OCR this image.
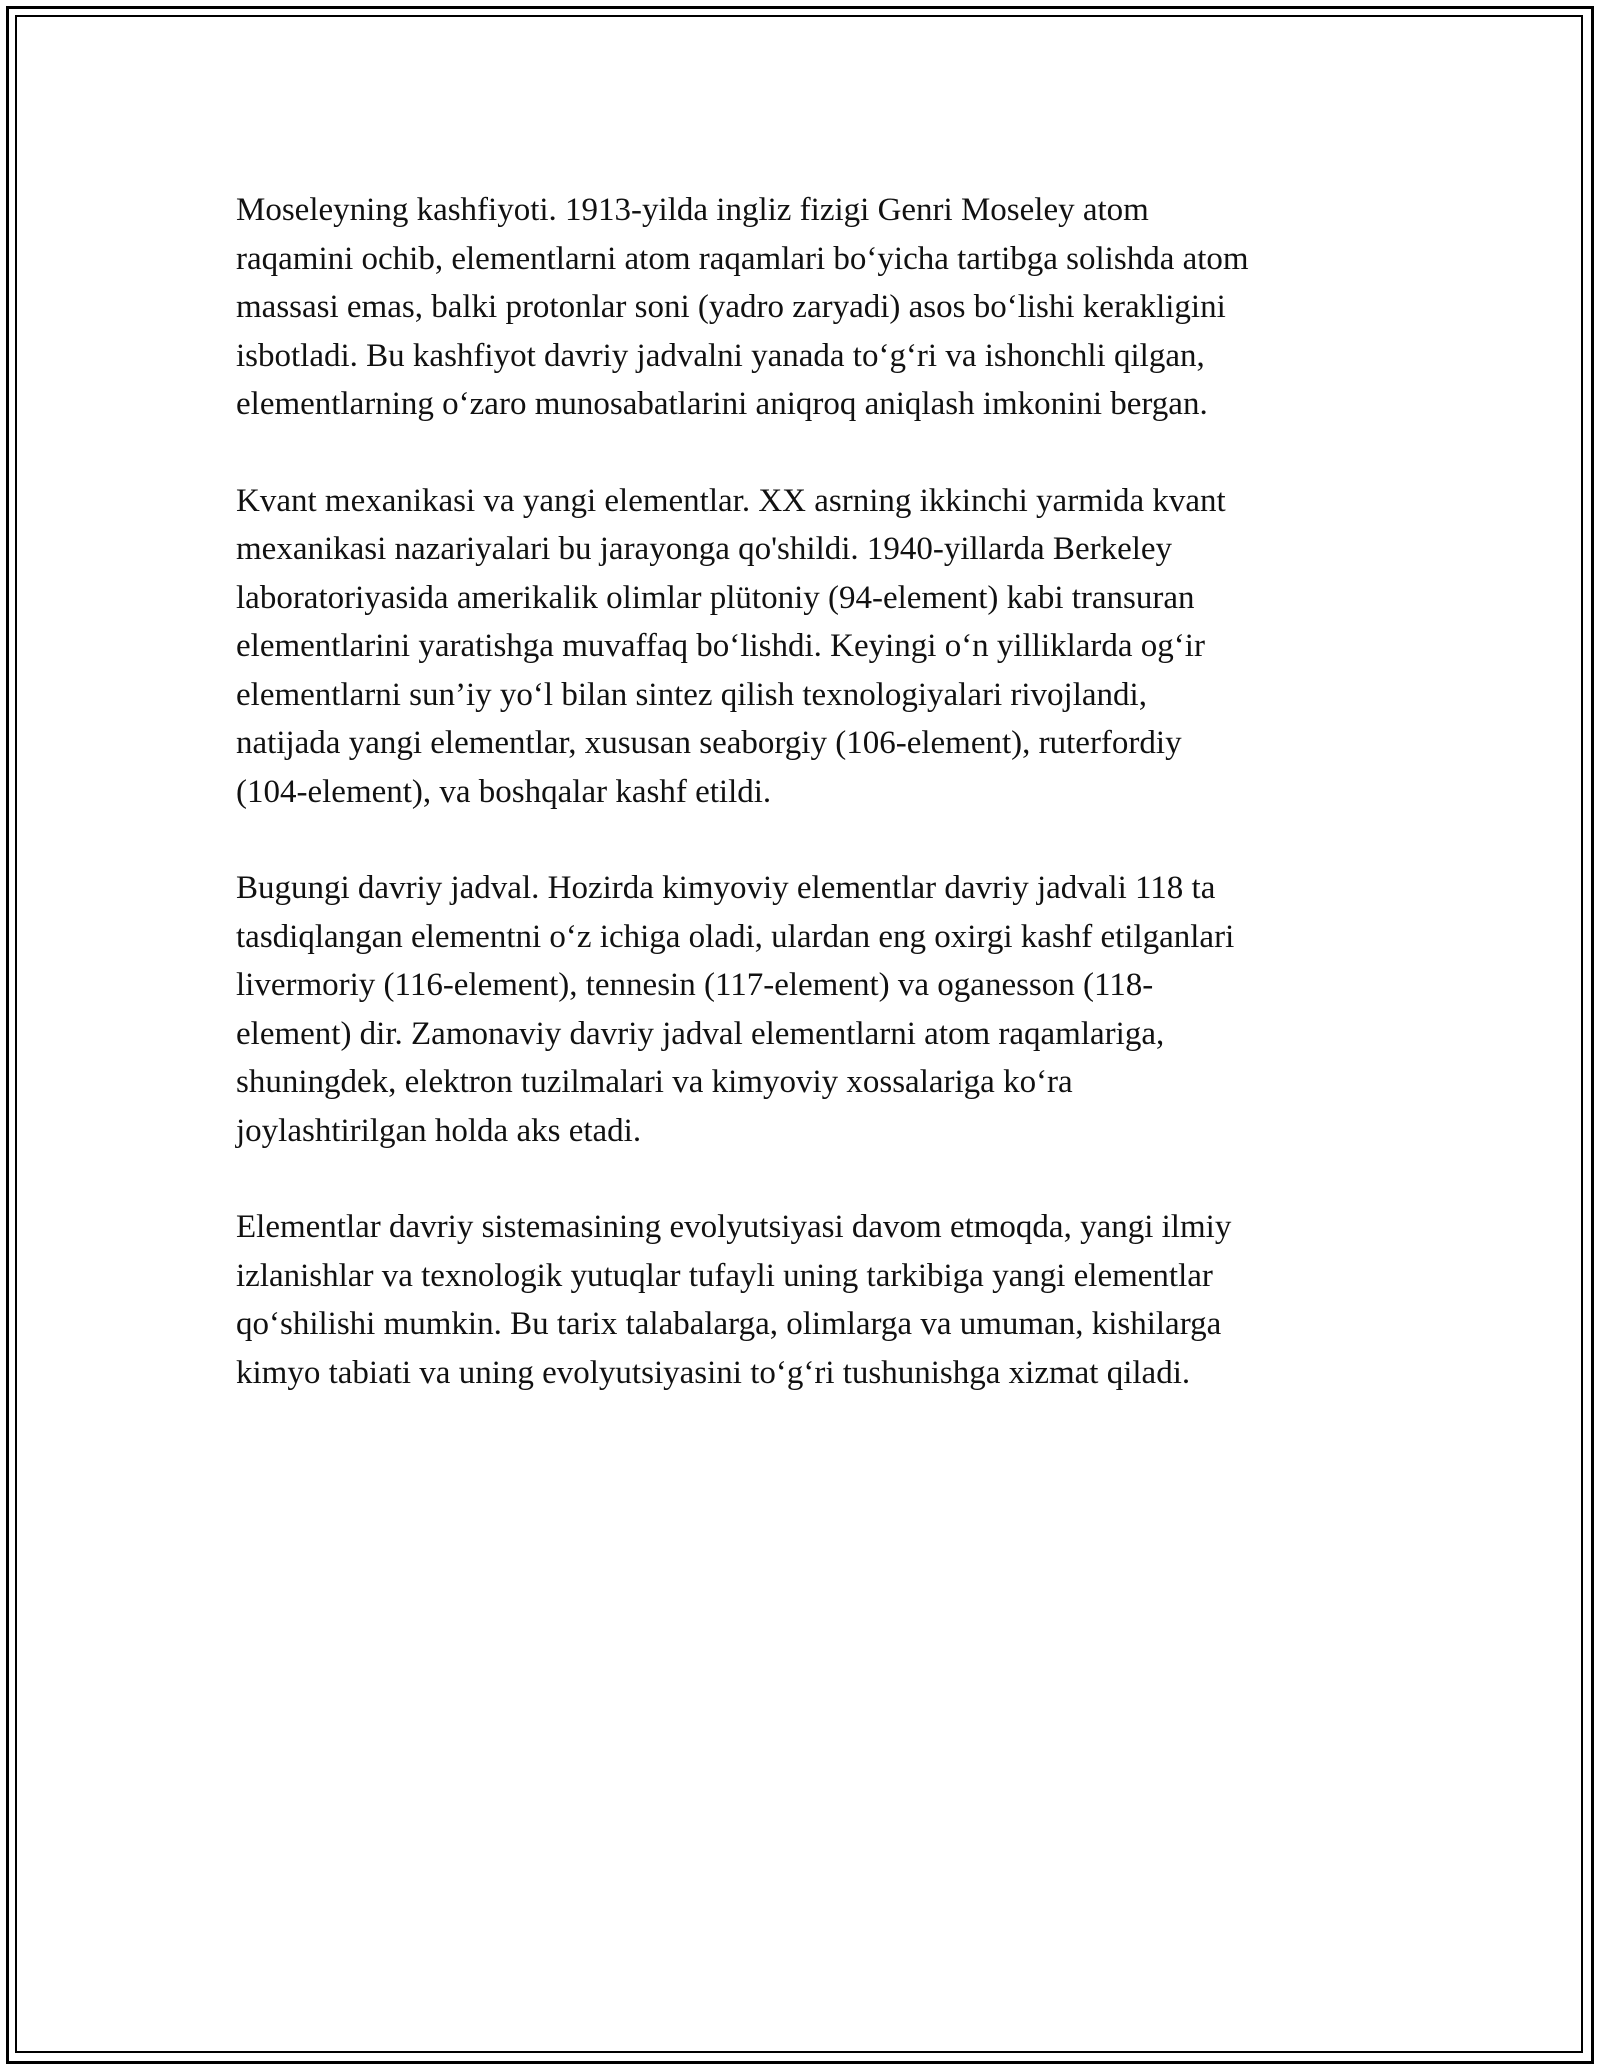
Moseleyning kashfiyoti. 1913-yilda ingliz fizigi Genri Moseley atom
raqamini ochib, elementlarni atom raqamlari bo‘yicha tartibga solishda atom
massasi emas, balki protonlar soni (yadro zaryadi) asos bo‘lishi kerakligini
isbotladi. Bu kashfiyot davriy jadvalni yanada to‘g‘ri va ishonchli qilgan,
elementlarning o‘zaro munosabatlarini aniqroq aniqlash imkonini bergan.

Kvant mexanikasi va yangi elementlar. XX asrning ikkinchi yarmida kvant
mexanikasi nazariyalari bu jarayonga qo'shildi. 1940-yillarda Berkeley
laboratoriyasida amerikalik olimlar plütoniy (94-element) kabi transuran
elementlarini yaratishga muvaffaq bo‘lishdi. Keyingi o‘n yilliklarda og‘ir
elementlarni sun’iy yo‘l bilan sintez qilish texnologiyalari rivojlandi,
natijada yangi elementlar, xususan seaborgiy (106-element), ruterfordiy
(104-element), va boshqalar kashf etildi.

Bugungi davriy jadval. Hozirda kimyoviy elementlar davriy jadvali 118 ta
tasdiqlangan elementni o‘z ichiga oladi, ulardan eng oxirgi kashf etilganlari
livermoriy (116-element), tennesin (117-element) va oganesson (118-
element) dir. Zamonaviy davriy jadval elementlarni atom raqamlariga,
shuningdek, elektron tuzilmalari va kimyoviy xossalariga ko‘ra
joylashtirilgan holda aks etadi.

Elementlar davriy sistemasining evolyutsiyasi davom etmoqda, yangi ilmiy
izlanishlar va texnologik yutuqlar tufayli uning tarkibiga yangi elementlar
qo‘shilishi mumkin. Bu tarix talabalarga, olimlarga va umuman, kishilarga
kimyo tabiati va uning evolyutsiyasini to‘g‘ri tushunishga xizmat qiladi.
